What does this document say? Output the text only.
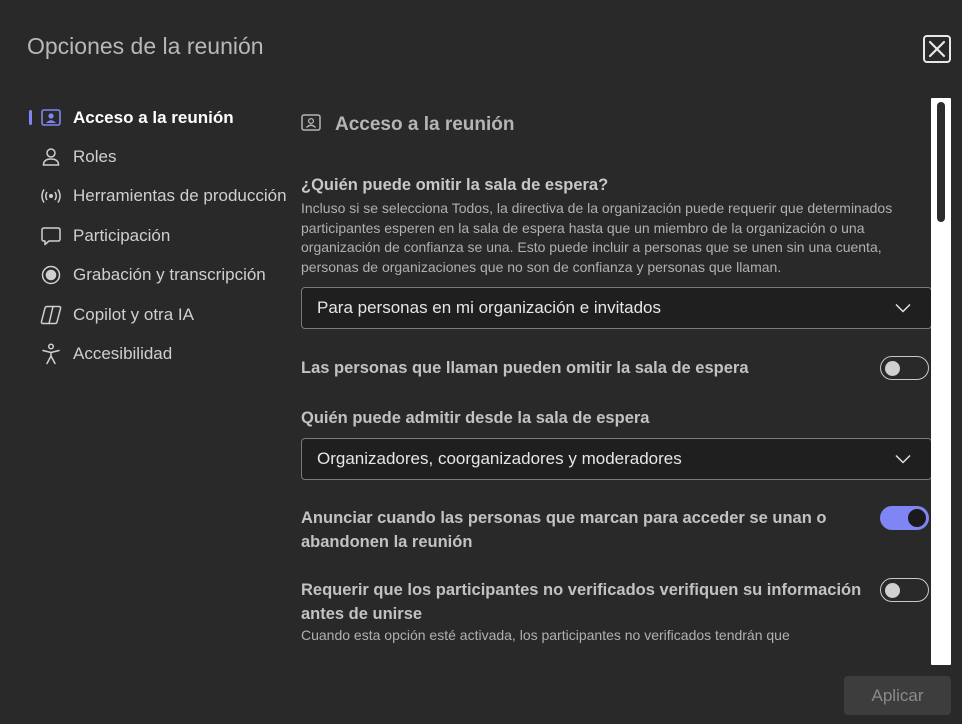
Opciones de la reunión
Acceso a la reunión
Roles
Herramientas de producción
Participación
Grabación y transcripción
Copilot y otra IA
Accesibilidad
Acceso a la reunión
¿Quién puede omitir la sala de espera?

Incluso si se selecciona Todos, la directiva de la organización puede requerir que determinados participantes esperen en la sala de espera hasta que un miembro de la organización o una organización de confianza se una. Esto puede incluir a personas que se unen sin una cuenta, personas de organizaciones que no son de confianza y personas que llaman.

Para personas en mi organización e invitados
Las personas que llaman pueden omitir la sala de espera
Quién puede admitir desde la sala de espera
Organizadores, coorganizadores y moderadores
Anunciar cuando las personas que marcan para acceder se unan o abandonen la reunión
Requerir que los participantes no verificados verifiquen su información antes de unirse

Cuando esta opción esté activada, los participantes no verificados tendrán que

Aplicar
